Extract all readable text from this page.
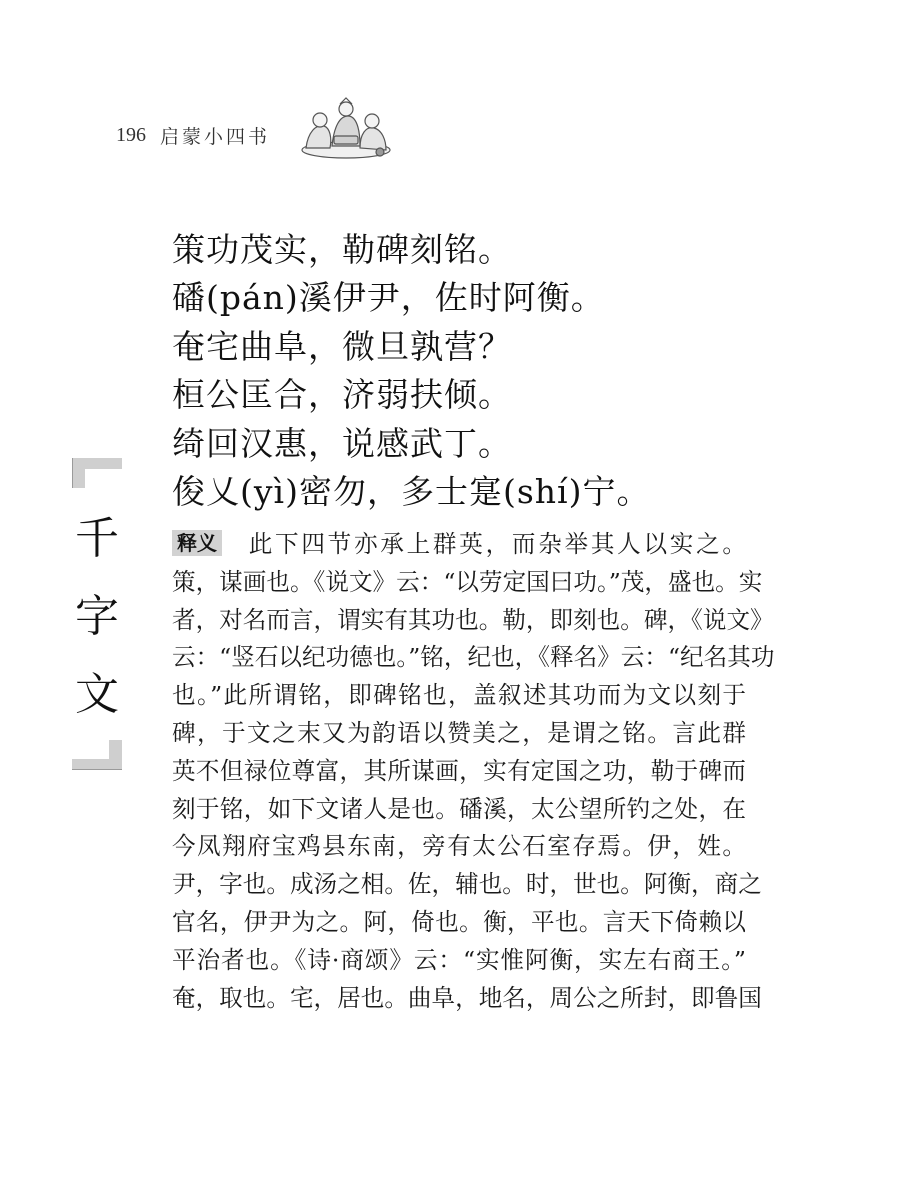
196 启蒙小四书
策功茂实，勒碑刻铭。
磻(pán)溪伊尹，佐时阿衡。
奄宅曲阜，微旦孰营？
桓公匡合，济弱扶倾。
绮回汉惠，说感武丁。
俊乂(yì)密勿，多士寔(shí)宁。
千
字
文
释义 此下四节亦承上群英，而杂举其人以实之。
策，谋画也。《说文》云：“以劳定国曰功。”茂，盛也。实
者，对名而言，谓实有其功也。勒，即刻也。碑，《说文》
云：“竖石以纪功德也。”铭，纪也，《释名》云：“纪名其功
也。”此所谓铭，即碑铭也，盖叙述其功而为文以刻于
碑，于文之末又为韵语以赞美之，是谓之铭。言此群
英不但禄位尊富，其所谋画，实有定国之功，勒于碑而
刻于铭，如下文诸人是也。磻溪，太公望所钓之处，在
今凤翔府宝鸡县东南，旁有太公石室存焉。伊，姓。
尹，字也。成汤之相。佐，辅也。时，世也。阿衡，商之
官名，伊尹为之。阿，倚也。衡，平也。言天下倚赖以
平治者也。《诗·商颂》云：“实惟阿衡，实左右商王。”
奄，取也。宅，居也。曲阜，地名，周公之所封，即鲁国
